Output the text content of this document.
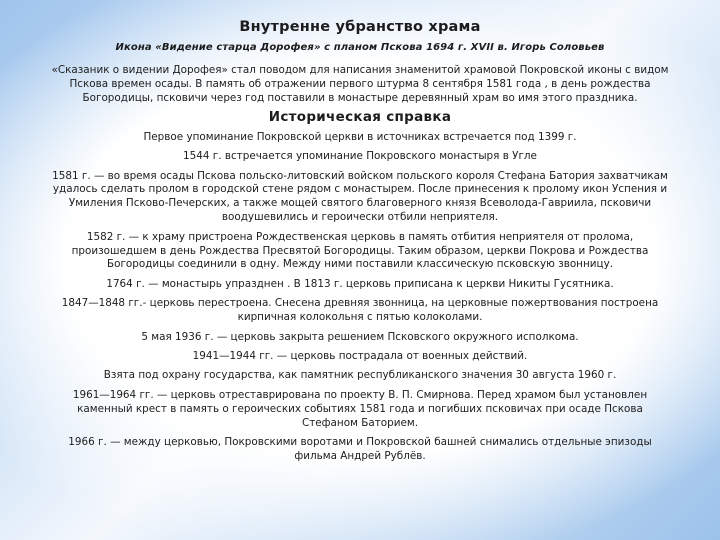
Внутренне убранство храма
Икона «Видение старца Дорофея» с планом Пскова 1694 г. XVII в. Игорь Соловьев
«Сказаник о видении Дорофея» стал поводом для написания знаменитой храмовой Покровской иконы с видом Пскова времен осады. В память об отражении первого штурма 8 сентября 1581 года , в день рождества Богородицы, псковичи через год поставили в монастыре деревянный храм во имя этого праздника.
Историческая справка

Первое упоминание Покровской церкви в источниках встречается под 1399 г.

1544 г. встречается упоминание Покровского монастыря в Угле

1581 г. — во время осады Пскова польско-литовский войском польского короля Стефана Батория захватчикам удалось сделать пролом в городской стене рядом с монастырем. После принесения к пролому икон Успения и Умиления Псково-Печерских, а также мощей святого благоверного князя Всеволода-Гавриила, псковичи воодушевились и героически отбили неприятеля.

1582 г. — к храму пристроена Рождественская церковь в память отбития неприятеля от пролома, произошедшем в день Рождества Пресвятой Богородицы. Таким образом, церкви Покрова и Рождества Богородицы соединили в одну. Между ними поставили классическую псковскую звонницу.

1764 г. — монастырь упразднен . В 1813 г. церковь приписана к церкви Никиты Гусятника.

1847—1848 гг.- церковь перестроена. Снесена древняя звонница, на церковные пожертвования построена кирпичная колокольня с пятью колоколами.

5 мая 1936 г. — церковь закрыта решением Псковского окружного исполкома.

1941—1944 гг. — церковь пострадала от военных действий.

Взята под охрану государства, как памятник республиканского значения 30 августа 1960 г.

1961—1964 гг. — церковь отреставрирована по проекту В. П. Смирнова. Перед храмом был установлен каменный крест в память о героических событиях 1581 года и погибших псковичах при осаде Пскова Стефаном Баторием.

1966 г. — между церковью, Покровскими воротами и Покровской башней снимались отдельные эпизоды фильма Андрей Рублёв.
